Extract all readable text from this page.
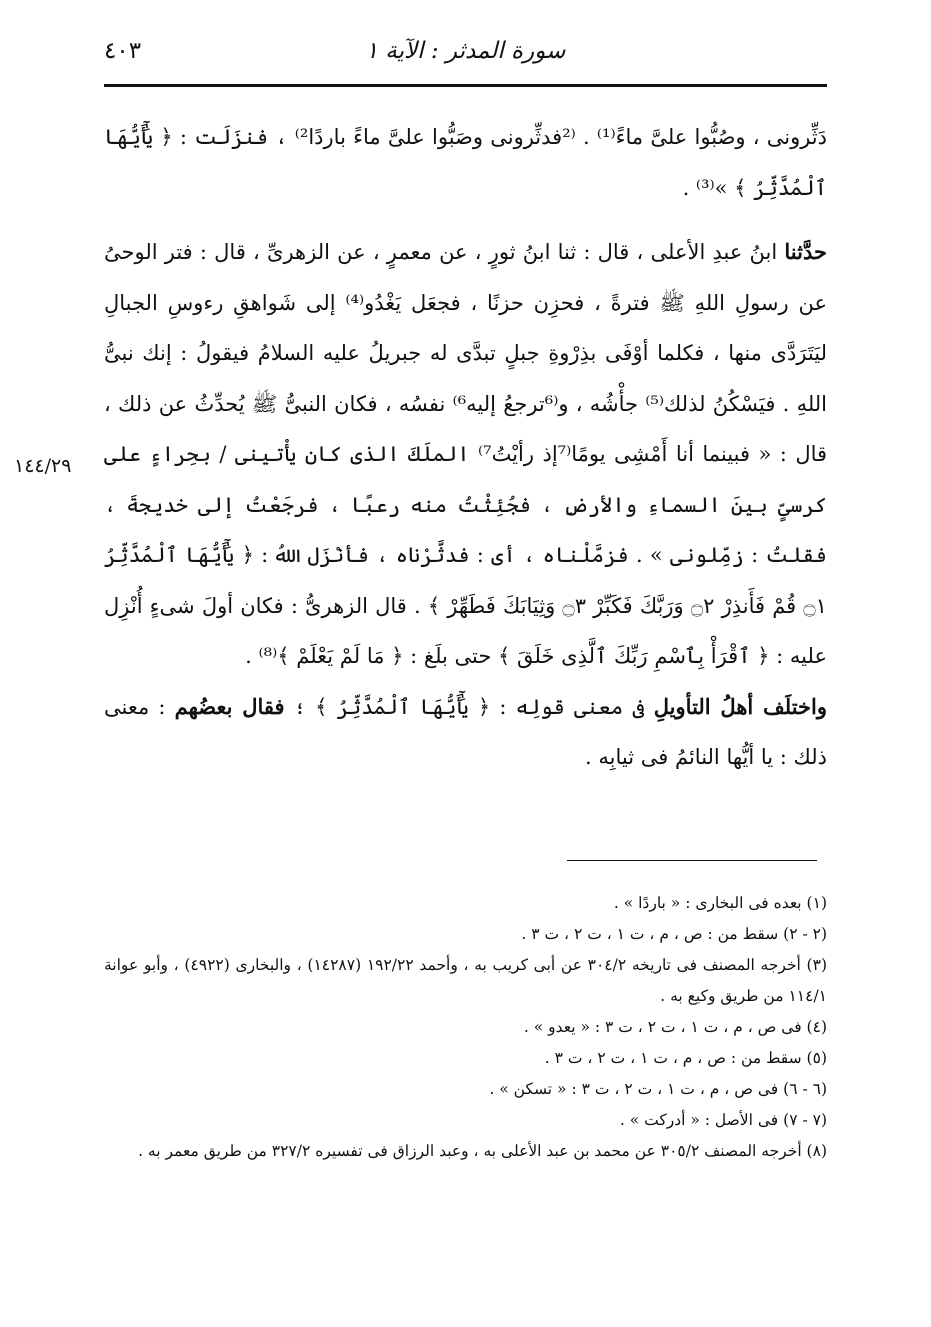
٤٠٣	سورة المدثر : الآية ١
١٤٤/٢٩

دَثِّرونى ، وصُبُّوا علىَّ ماءً⁽¹⁾ . ⁽²فدثِّرونى وصَبُّوا علىَّ ماءً باردًا²⁾ ، فنزَلَت : ﴿ يَٰٓأَيُّهَا ٱلْمُدَّثِّرُ ﴾ »⁽³⁾ .

حدَّثنا ابنُ عبدِ الأعلى ، قال : ثنا ابنُ ثورٍ ، عن معمرٍ ، عن الزهرىِّ ، قال : فتر الوحىُ عن رسولِ اللهِ ﷺ فترةً ، فحزِن حزنًا ، فجعَل يَغْدُو⁽⁴⁾ إلى شَواهقِ رءوسِ الجبالِ ليَتَرَدَّى منها ، فكلما أوْفَى بذِرْوةِ جبلٍ تبدَّى له جبريلُ عليه السلامُ فيقولُ : إنك نبىُّ اللهِ . فيَسْكُنُ لذلك⁽⁵⁾ جأْشُه ، و⁽⁶ترجعُ إليه⁶⁾ نفسُه ، فكان النبىُّ ﷺ يُحدِّثُ عن ذلك ، قال : « فبينما أنا أَمْشِى يومًا⁽⁷إذ رأيْتُ⁷⁾ الملَكَ الذى كان يأْتينى / بحِراءٍ على كرسىٍّ بينَ السماءِ والأرضِ ، فجُئِثْتُ منه رعبًا ، فرجَعْتُ إلى خديجةَ ، فقلتُ : زمِّلونى » . فزمَّلْناه ، أى : فدثَّرْناه ، فأنْزَل اللهُ : ﴿ يَٰٓأَيُّهَا ٱلْمُدَّثِّرُ ۝١ قُمْ فَأَنذِرْ ۝٢ وَرَبَّكَ فَكَبِّرْ ۝٣ وَثِيَابَكَ فَطَهِّرْ ﴾ . قال الزهرىُّ : فكان أولَ شىءٍ أُنْزِل عليه : ﴿ ٱقْرَأْ بِٱسْمِ رَبِّكَ ٱلَّذِى خَلَقَ ﴾ حتى بلَغ : ﴿ مَا لَمْ يَعْلَمْ ﴾⁽⁸⁾ .

واختلَف أهلُ التأويلِ فى معنى قولِه : ﴿ يَٰٓأَيُّهَا ٱلْمُدَّثِّرُ ﴾ ؛ فقال بعضُهم : معنى ذلك : يا أيُّها النائمُ فى ثيابِه .

(١) بعده فى البخارى : « باردًا » .

(٢ - ٢) سقط من : ص ، م ، ت ١ ، ت ٢ ، ت ٣ .

(٣) أخرجه المصنف فى تاريخه ٣٠٤/٢ عن أبى كريب به ، وأحمد ١٩٢/٢٢ (١٤٢٨٧) ، والبخارى (٤٩٢٢) ، وأبو عوانة ١١٤/١ من طريق وكيع به .

(٤) فى ص ، م ، ت ١ ، ت ٢ ، ت ٣ : « يعدو » .

(٥) سقط من : ص ، م ، ت ١ ، ت ٢ ، ت ٣ .

(٦ - ٦) فى ص ، م ، ت ١ ، ت ٢ ، ت ٣ : « تسكن » .

(٧ - ٧) فى الأصل : « أدركت » .

(٨) أخرجه المصنف ٣٠٥/٢ عن محمد بن عبد الأعلى به ، وعبد الرزاق فى تفسيره ٣٢٧/٢ من طريق معمر به .
